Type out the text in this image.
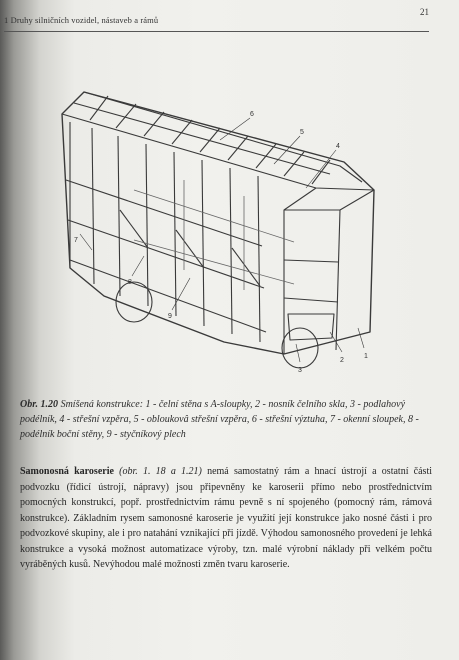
1 Druhy silničních vozidel, nástaveb a rámů
21
1
2
3
4
5
6
7
8
9
Obr. 1.20 Smíšená konstrukce: 1 - čelní stěna s A-sloupky, 2 - nosník čelního skla, 3 - podlahový podélník, 4 - střešní vzpěra, 5 - obloukovâ střešní vzpěra, 6 - střešní výztuha, 7 - okenní sloupek, 8 - podélník boční stěny, 9 - styčníkový plech
Samonosná karoserie (obr. 1. 18 a 1.21) nemá samostatný rám a hnací ústrojí a ostatní části podvozku (řídicí ústrojí, nápravy) jsou připevněny ke karoserii přímo nebo prostřednictvím pomocných konstrukcí, popř. prostřednictvím rámu pevně s ní spojeného (pomocný rám, rámová konstrukce). Základním rysem samonosné karoserie je využití její konstrukce jako nosné části i pro podvozkové skupiny, ale i pro natahání vznikající při jízdě. Výhodou samonosného provedení je lehká konstrukce a vysoká možnost automatizace výroby, tzn. malé výrobní náklady při velkém počtu vyráběných kusů. Nevýhodou malé možnosti změn tvaru karoserie.
